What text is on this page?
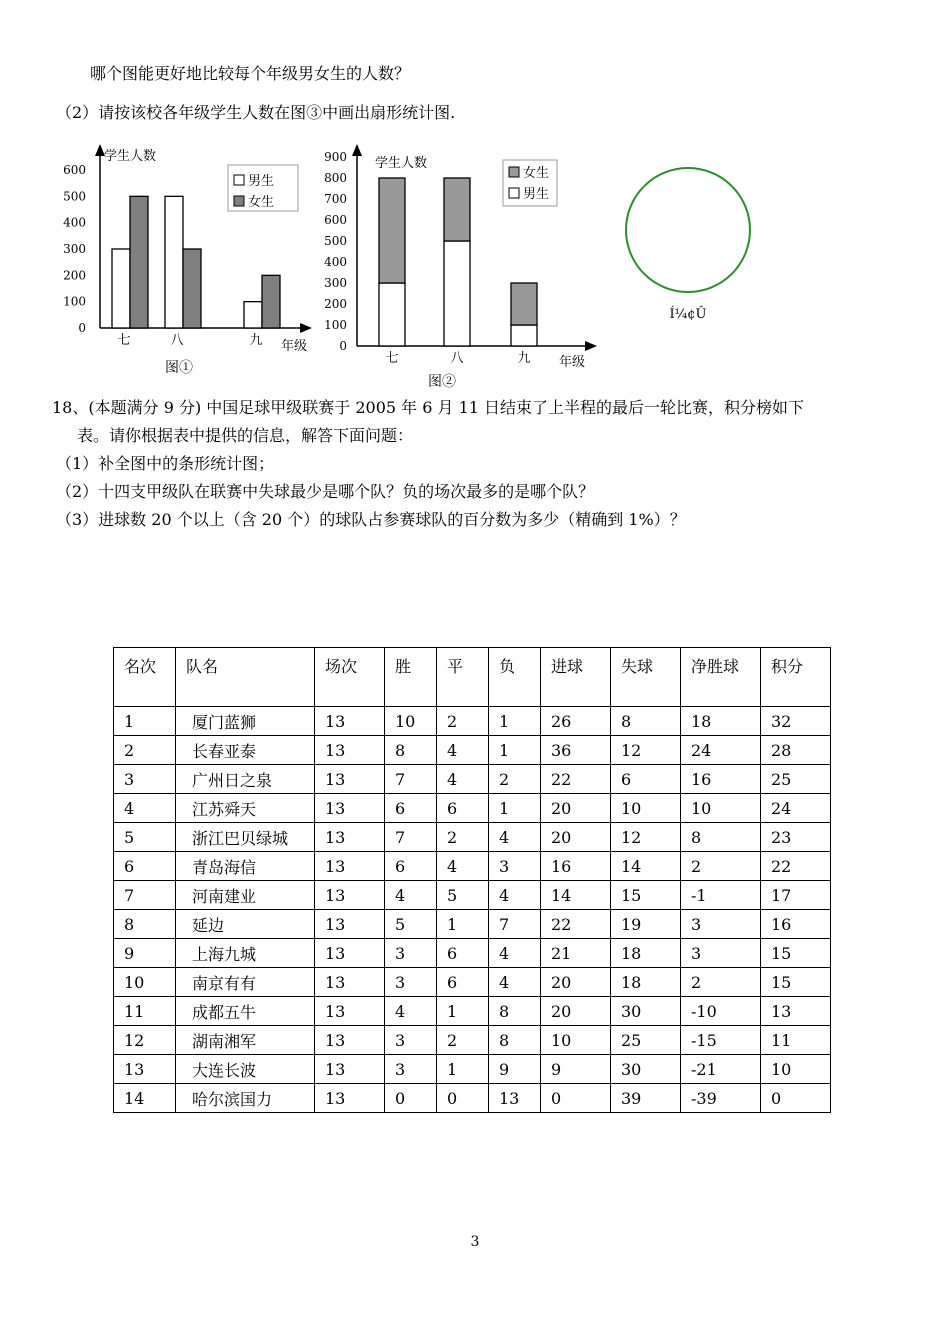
哪个图能更好地比较每个年级男女生的人数？
（2）请按该校各年级学生人数在图③中画出扇形统计图.
学生人数
年级
0
100
200
300
400
500
600
七	八	九
男生
女生
图①
学生人数
年级
0
100
200
300
400
500
600
700
800
900
七	八	九
女生
男生
图②
Í¼¢Û
18、(本题满分 9 分) 中国足球甲级联赛于 2005 年 6 月 11 日结束了上半程的最后一轮比赛，积分榜如下
表。请你根据表中提供的信息，解答下面问题：
（1）补全图中的条形统计图；
（2）十四支甲级队在联赛中失球最少是哪个队？负的场次最多的是哪个队？
（3）进球数 20 个以上（含 20 个）的球队占参赛球队的百分数为多少（精确到 1%）？
名次	队名	场次	胜	平	负	进球	失球	净胜球	积分
1	厦门蓝狮	13	10	2	1	26	8	18	32
2	长春亚泰	13	8	4	1	36	12	24	28
3	广州日之泉	13	7	4	2	22	6	16	25
4	江苏舜天	13	6	6	1	20	10	10	24
5	浙江巴贝绿城	13	7	2	4	20	12	8	23
6	青岛海信	13	6	4	3	16	14	2	22
7	河南建业	13	4	5	4	14	15	-1	17
8	延边	13	5	1	7	22	19	3	16
9	上海九城	13	3	6	4	21	18	3	15
10	南京有有	13	3	6	4	20	18	2	15
11	成都五牛	13	4	1	8	20	30	-10	13
12	湖南湘军	13	3	2	8	10	25	-15	11
13	大连长波	13	3	1	9	9	30	-21	10
14	哈尔滨国力	13	0	0	13	0	39	-39	0
3
